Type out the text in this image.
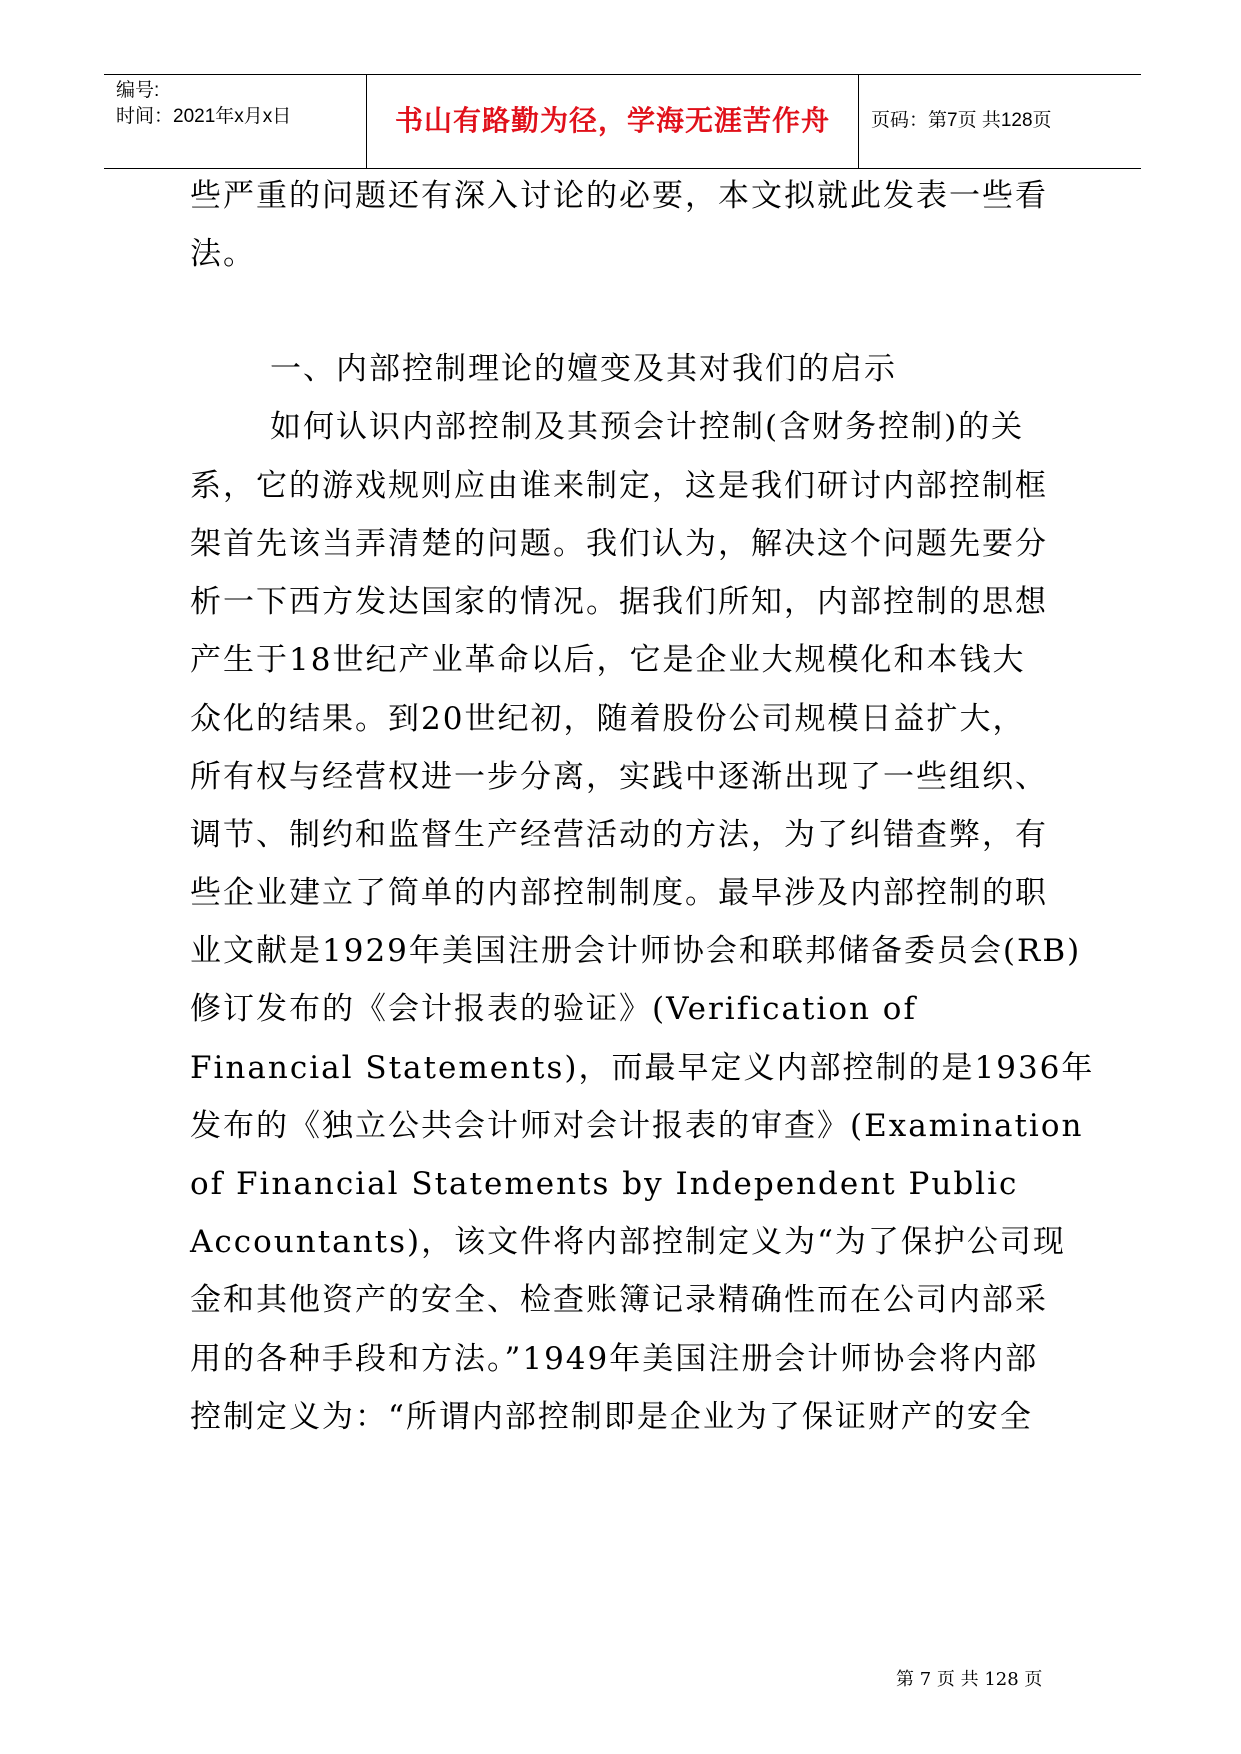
编号:
时间：2021年x月x日	书山有路勤为径，学海无涯苦作舟	页码：第7页 共128页
些严重的问题还有深入讨论的必要，本文拟就此发表一些看
法。
一、内部控制理论的嬗变及其对我们的启示
如何认识内部控制及其预会计控制(含财务控制)的关
系，它的游戏规则应由谁来制定，这是我们研讨内部控制框
架首先该当弄清楚的问题。我们认为，解决这个问题先要分
析一下西方发达国家的情况。据我们所知，内部控制的思想
产生于18世纪产业革命以后，它是企业大规模化和本钱大
众化的结果。到20世纪初，随着股份公司规模日益扩大，
所有权与经营权进一步分离，实践中逐渐出现了一些组织、
调节、制约和监督生产经营活动的方法，为了纠错查弊，有
些企业建立了简单的内部控制制度。最早涉及内部控制的职
业文献是1929年美国注册会计师协会和联邦储备委员会(RB)
修订发布的《会计报表的验证》(Verification of
Financial Statements)，而最早定义内部控制的是1936年
发布的《独立公共会计师对会计报表的审查》(Examination
of Financial Statements by Independent Public
Accountants)，该文件将内部控制定义为“为了保护公司现
金和其他资产的安全、检查账簿记录精确性而在公司内部采
用的各种手段和方法。”1949年美国注册会计师协会将内部
控制定义为：“所谓内部控制即是企业为了保证财产的安全
第 7 页 共 128 页
